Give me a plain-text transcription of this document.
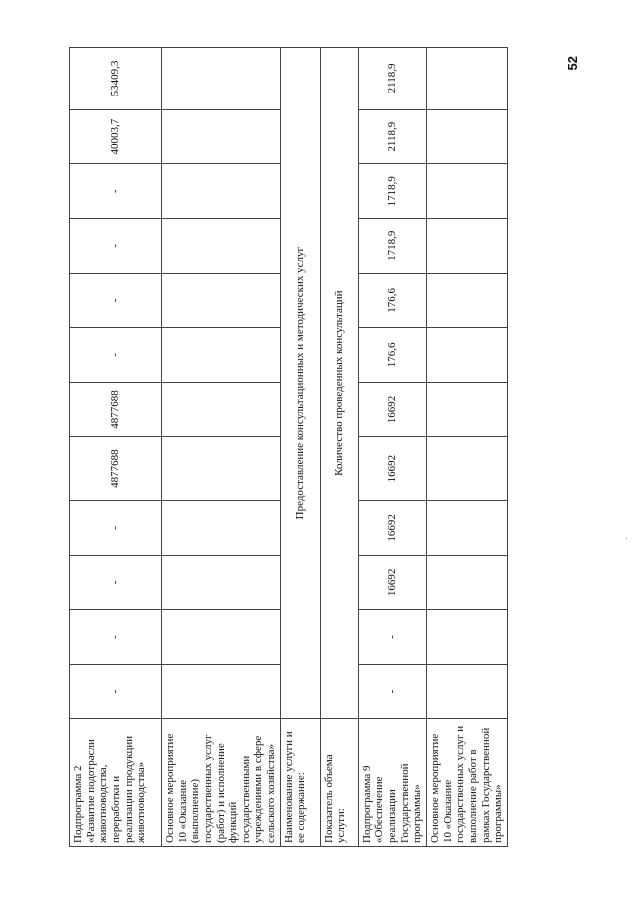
52
Подпрограмма 2 «Развитие подотрасли животноводства, переработки и реализации продукции животноводства»	-	-	-	-	4877688	4877688	-	-	-	-	40003,7	53409,3
Основное мероприятие 10 «Оказание (выполнение) государственных услуг (работ) и исполнение функций государственными учреждениями в сфере сельского хозяйства»												
Наименование услуги и ее содержание:	Предоставление консультационных и методических услуг											
Показатель объема услуги:	Количество проведенных консультаций											
Подпрограмма 9 «Обеспечение реализации Государственной программы»	-	-	16692	16692	16692	16692	176,6	176,6	1718,9	1718,9	2118,9	2118,9
Основное мероприятие 10 «Оказание государственных услуг и выполнение работ в рамках Государственной программы»												
